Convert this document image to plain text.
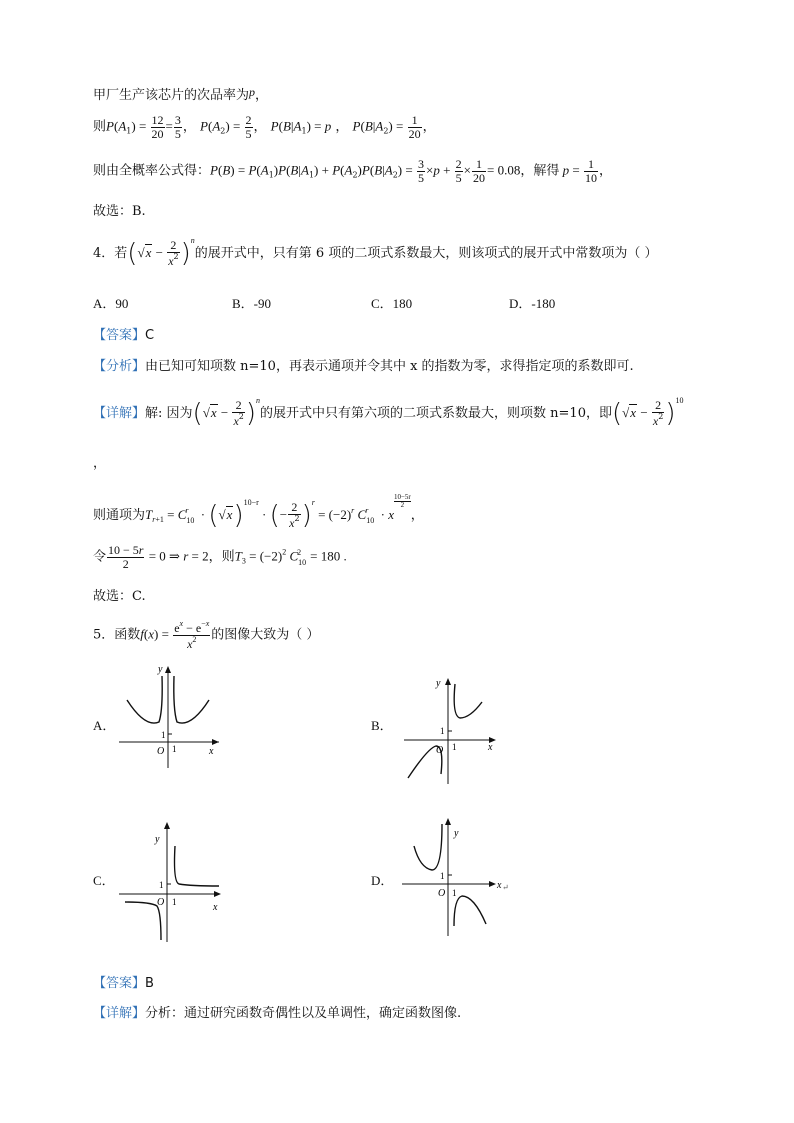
甲厂生产该芯片的次品率为p，
则$P(A_1) = \frac{12}{20} = \frac{3}{5}$ ， $P(A_2) = \frac{2}{5}$ ， $P(B|A_1) = p$ ， $P(B|A_2) = \frac{1}{20}$ ，
则由全概率公式得：$P(B) = P(A_1)P(B|A_1) + P(A_2)P(B|A_2) = \frac{3}{5} \times p + \frac{2}{5} \times \frac{1}{20} = 0.08$，解得 $p = \frac{1}{10}$ ，
故选：B.
4．若$(√x - \frac{2}{x^2} )^n$的展开式中，只有第 6 项的二项式系数最大，则该项式的展开式中常数项为（ ）
A．90	B．-90	C．180	D．-180
【答案】C
【分析】由已知可知项数 n=10，再表示通项并令其中 x 的指数为零，求得指定项的系数即可.
【详解】解: 因为$(√x - \frac{2}{x^2} )^n$的展开式中只有第六项的二项式系数最大，则项数 n=10，即$(√x - \frac{2}{x^2} )^{10}$
，
则通项为$T_{r+1} = C10r \cdot (√x)^{10-r}$ · (− $\frac{2}{x^2} )^r = (-2)^r$ C10r · x
$\frac{10-5r}{2}$
，
令 $\frac{10 - 5r}{2} = 0$ ⇒ r = 2，则$T_3 = (-2)^2$ C102 = 180 .
故选：C.
5．函数$f(x) = \frac{e^x - e^{-x}}{x^2}$ 的图像大致为（ ）
A．	B．
C．	D．
y
x
O
1
1
y
x
O
1
1
y
x
O
1
1
y
O
1
1
x ↵
【答案】B
【详解】分析：通过研究函数奇偶性以及单调性，确定函数图像.
